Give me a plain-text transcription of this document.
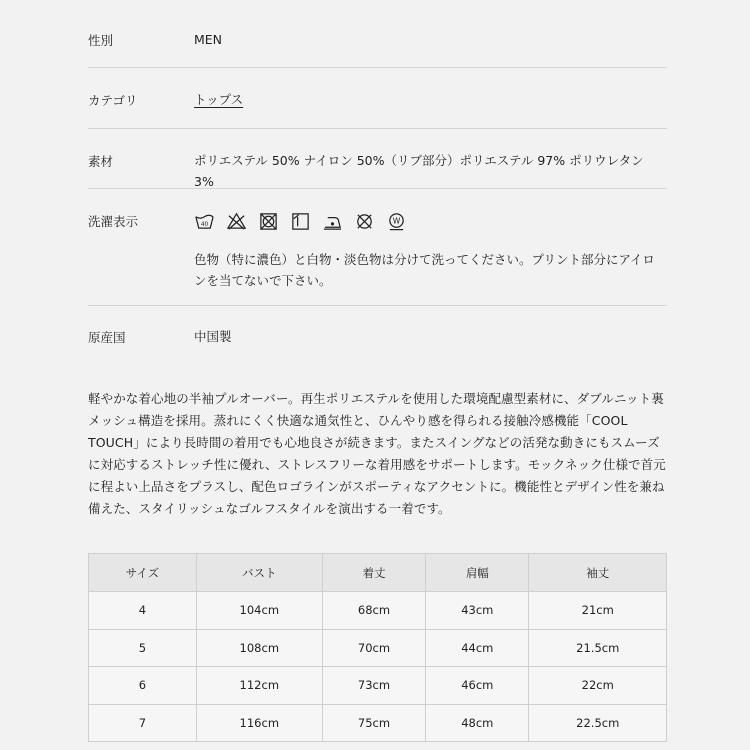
性別	MEN
カテゴリ	トップス
素材	ポリエステル 50% ナイロン 50%（リブ部分）ポリエステル 97% ポリウレタン 3%
洗濯表示	40	W
色物（特に濃色）と白物・淡色物は分けて洗ってください。プリント部分にアイロンを当てないで下さい。
原産国	中国製

軽やかな着心地の半袖プルオーバー。再生ポリエステルを使用した環境配慮型素材に、ダブルニット裏メッシュ構造を採用。蒸れにくく快適な通気性と、ひんやり感を得られる接触冷感機能「COOL TOUCH」により長時間の着用でも心地良さが続きます。またスイングなどの活発な動きにもスムーズに対応するストレッチ性に優れ、ストレスフリーな着用感をサポートします。モックネック仕様で首元に程よい上品さをプラスし、配色ロゴラインがスポーティなアクセントに。機能性とデザイン性を兼ね備えた、スタイリッシュなゴルフスタイルを演出する一着です。

サイズ	バスト	着丈	肩幅	袖丈
4	104cm	68cm	43cm	21cm
5	108cm	70cm	44cm	21.5cm
6	112cm	73cm	46cm	22cm
7	116cm	75cm	48cm	22.5cm
